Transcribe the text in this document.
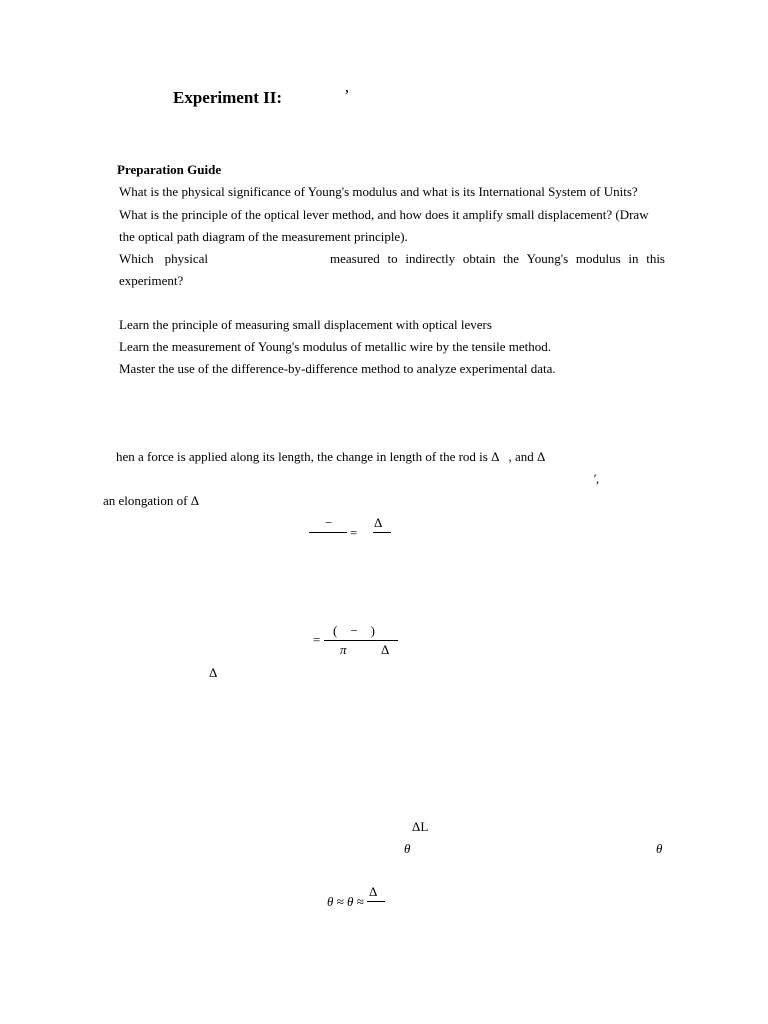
Experiment II:	’
Preparation Guide
What is the physical significance of Young's modulus and what is its International System of Units?
What is the principle of the optical lever method, and how does it amplify small displacement? (Draw
the optical path diagram of the measurement principle).
Which physical	measured to indirectly obtain the Young's modulus in this
experiment?
Learn the principle of measuring small displacement with optical levers
Learn the measurement of Young's modulus of metallic wire by the tensile method.
Master the use of the difference-by-difference method to analyze experimental data.
hen a force is applied along its length, the change in length of the rod is Δ   , and Δ
′,
an elongation of Δ
−
=
Δ
=
(    −    )
π	Δ
Δ
ΔL
θ	θ
θ ≈ θ ≈
Δ
